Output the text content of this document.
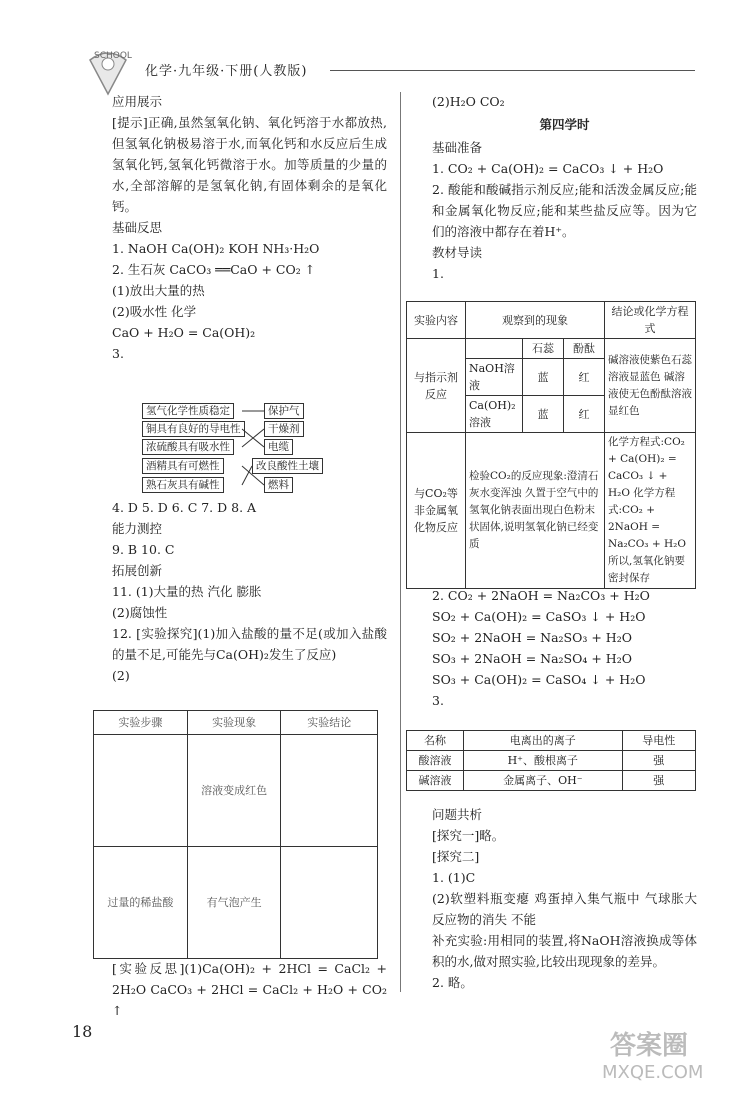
SCHOOL
化学·九年级·下册(人教版)

应用展示

[提示]正确,虽然氢氧化钠、氧化钙溶于水都放热,但氢氧化钠极易溶于水,而氧化钙和水反应后生成氢氧化钙,氢氧化钙微溶于水。加等质量的少量的水,全部溶解的是氢氧化钠,有固体剩余的是氧化钙。

基础反思

1. NaOH Ca(OH)₂ KOH NH₃·H₂O

2. 生石灰 CaCO₃ ══CaO + CO₂ ↑

(1)放出大量的热

(2)吸水性 化学

CaO + H₂O = Ca(OH)₂

3.

氢气化学性质稳定
铜具有良好的导电性
浓硫酸具有吸水性
酒精具有可燃性
熟石灰具有碱性
保护气
干燥剂
电缆
改良酸性土壤
燃料

4. D 5. D 6. C 7. D 8. A

能力测控

9. B 10. C

拓展创新

11. (1)大量的热 汽化 膨胀

(2)腐蚀性

12. [实验探究](1)加入盐酸的量不足(或加入盐酸的量不足,可能先与Ca(OH)₂发生了反应)

(2)

实验步骤	实验现象	实验结论
	溶液变成红色	
过量的稀盐酸	有气泡产生	

[实验反思](1)Ca(OH)₂ + 2HCl = CaCl₂ + 2H₂O CaCO₃ + 2HCl = CaCl₂ + H₂O + CO₂ ↑

(2)H₂O CO₂

第四学时

基础准备

1. CO₂ + Ca(OH)₂ = CaCO₃ ↓ + H₂O

2. 酸能和酸碱指示剂反应;能和活泼金属反应;能和金属氧化物反应;能和某些盐反应等。因为它们的溶液中都存在着H⁺。

教材导读

1.

实验内容	观察到的现象			结论或化学方程式
与指示剂反应		石蕊	酚酞	碱溶液使紫色石蕊溶液显蓝色 碱溶液使无色酚酞溶液显红色
	NaOH溶液	蓝	红	
	Ca(OH)₂溶液	蓝	红	
与CO₂等非金属氧化物反应	检验CO₂的反应现象:澄清石灰水变浑浊 久置于空气中的氢氧化钠表面出现白色粉末状固体,说明氢氧化钠已经变质			化学方程式:CO₂ + Ca(OH)₂ = CaCO₃ ↓ + H₂O 化学方程式:CO₂ + 2NaOH = Na₂CO₃ + H₂O 所以,氢氧化钠要密封保存

2. CO₂ + 2NaOH = Na₂CO₃ + H₂O

SO₂ + Ca(OH)₂ = CaSO₃ ↓ + H₂O

SO₂ + 2NaOH = Na₂SO₃ + H₂O

SO₃ + 2NaOH = Na₂SO₄ + H₂O

SO₃ + Ca(OH)₂ = CaSO₄ ↓ + H₂O

3.

名称	电离出的离子	导电性
酸溶液	H⁺、酸根离子	强
碱溶液	金属离子、OH⁻	强

问题共析

[探究一]略。

[探究二]

1. (1)C

(2)软塑料瓶变瘪 鸡蛋掉入集气瓶中 气球胀大 反应物的消失 不能

补充实验:用相同的装置,将NaOH溶液换成等体积的水,做对照实验,比较出现现象的差异。

2. 略。

18	答案圈
MXQE.COM
